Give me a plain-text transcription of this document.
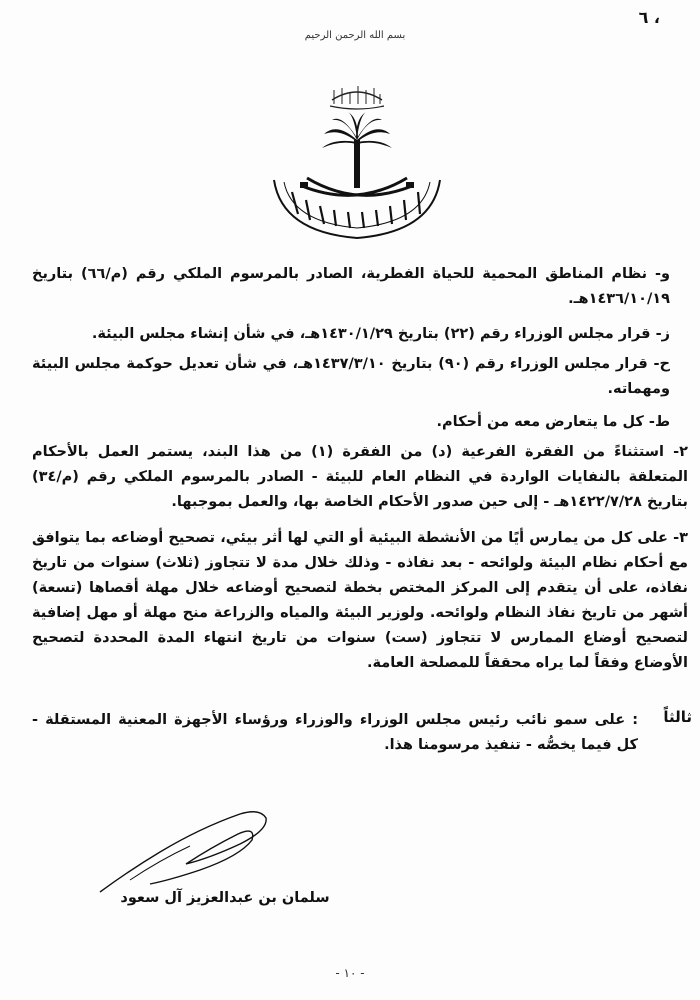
٦ ،
بسم الله الرحمن الرحيم

و- نظام المناطق المحمية للحياة الفطرية، الصادر بالمرسوم الملكي رقم (م/٦٦) بتاريخ ١٤٣٦/١٠/١٩هـ.

ز- قرار مجلس الوزراء رقم (٢٢) بتاريخ ١٤٣٠/١/٢٩هـ، في شأن إنشاء مجلس البيئة.

ح- قرار مجلس الوزراء رقم (٩٠) بتاريخ ١٤٣٧/٣/١٠هـ، في شأن تعديل حوكمة مجلس البيئة ومهماته.

ط- كل ما يتعارض معه من أحكام.

٢- استثناءً من الفقرة الفرعية (د) من الفقرة (١) من هذا البند، يستمر العمل بالأحكام المتعلقة بالنفايات الواردة في النظام العام للبيئة - الصادر بالمرسوم الملكي رقم (م/٣٤) بتاريخ ١٤٢٢/٧/٢٨هـ - إلى حين صدور الأحكام الخاصة بها، والعمل بموجبها.

٣- على كل من يمارس أيًا من الأنشطة البيئية أو التي لها أثر بيئي، تصحيح أوضاعه بما يتوافق مع أحكام نظام البيئة ولوائحه - بعد نفاذه - وذلك خلال مدة لا تتجاوز (ثلاث) سنوات من تاريخ نفاذه، على أن يتقدم إلى المركز المختص بخطة لتصحيح أوضاعه خلال مهلة أقصاها (تسعة) أشهر من تاريخ نفاذ النظام ولوائحه. ولوزير البيئة والمياه والزراعة منح مهلة أو مهل إضافية لتصحيح أوضاع الممارس لا تتجاوز (ست) سنوات من تاريخ انتهاء المدة المحددة لتصحيح الأوضاع وفقاً لما يراه محققاً للمصلحة العامة.

ثالثاً

: على سمو نائب رئيس مجلس الوزراء والوزراء ورؤساء الأجهزة المعنية المستقلة - كل فيما يخصُّه - تنفيذ مرسومنا هذا.

سلمان بن عبدالعزيز آل سعود
- ١٠ -
